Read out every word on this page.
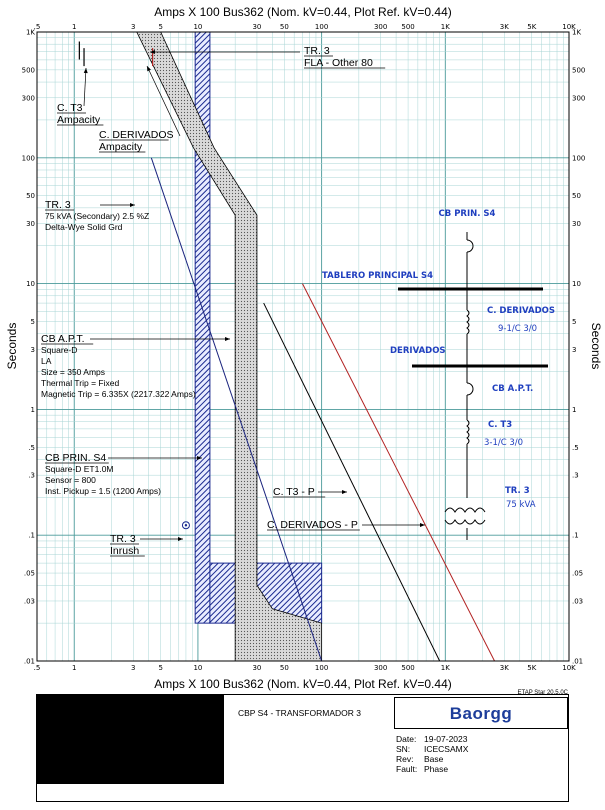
Amps X 100 Bus362 (Nom. kV=0.44, Plot Ref. kV=0.44)
Amps X 100 Bus362 (Nom. kV=0.44, Plot Ref. kV=0.44)
Seconds	Seconds
.5
.5
1
1
3
3
5
5
10
10
30
30
50
50
100
100
300
300
500
500
1K
1K
3K
3K
5K
5K
10K
10K
1K	1K
500	500
300	300
100	100
50	50
30	30
10	10
5	5
3	3
1	1
.5	.5
.3	.3
.1	.1
.05	.05
.03	.03
.01	.01
TR. 3
FLA - Other 80
C. T3
Ampacity
C. DERIVADOS
Ampacity
TR. 3
75 kVA (Secondary) 2.5 %Z
Delta-Wye Solid Grd
CB A.P.T.
Square-D
LA
Size = 350 Amps
Thermal Trip = Fixed
Magnetic Trip = 6.335X (2217.322 Amps)
CB PRIN. S4
Square-D ET1.0M
Sensor = 800
Inst. Pickup = 1.5 (1200 Amps)	C. T3 - P
C. DERIVADOS - P
TR. 3
Inrush
CB PRIN. S4
TABLERO PRINCIPAL S4
C. DERIVADOS
9-1/C 3/0
DERIVADOS
CB A.P.T.
C. T3
3-1/C 3/0
TR. 3
75 kVA
ETAP Star 20.5.0C
CBP S4 - TRANSFORMADOR 3	Baorgg
Date: 19-07-2023
SN:	ICECSAMX
Rev:	Base
Fault: Phase
